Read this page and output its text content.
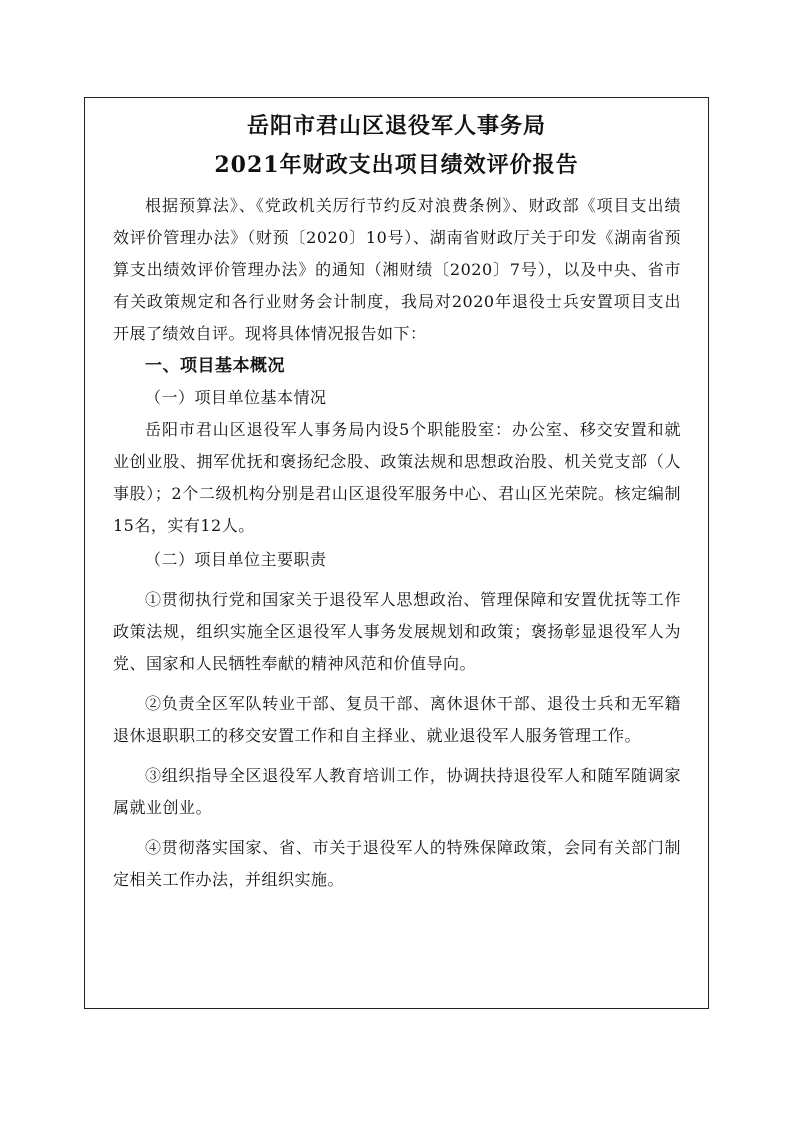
岳阳市君山区退役军人事务局
2021年财政支出项目绩效评价报告

根据预算法》、《党政机关厉行节约反对浪费条例》、财政部《项目支出绩效评价管理办法》（财预〔2020〕10号）、湖南省财政厅关于印发《湖南省预算支出绩效评价管理办法》的通知（湘财绩〔2020〕7号），以及中央、省市有关政策规定和各行业财务会计制度，我局对2020年退役士兵安置项目支出开展了绩效自评。现将具体情况报告如下：

一、项目基本概况

（一）项目单位基本情况

岳阳市君山区退役军人事务局内设5个职能股室：办公室、移交安置和就业创业股、拥军优抚和褒扬纪念股、政策法规和思想政治股、机关党支部（人事股）；2个二级机构分别是君山区退役军服务中心、君山区光荣院。核定编制15名，实有12人。

（二）项目单位主要职责

①贯彻执行党和国家关于退役军人思想政治、管理保障和安置优抚等工作政策法规，组织实施全区退役军人事务发展规划和政策；褒扬彰显退役军人为党、国家和人民牺牲奉献的精神风范和价值导向。

②负责全区军队转业干部、复员干部、离休退休干部、退役士兵和无军籍退休退职职工的移交安置工作和自主择业、就业退役军人服务管理工作。

③组织指导全区退役军人教育培训工作，协调扶持退役军人和随军随调家属就业创业。

④贯彻落实国家、省、市关于退役军人的特殊保障政策，会同有关部门制定相关工作办法，并组织实施。
